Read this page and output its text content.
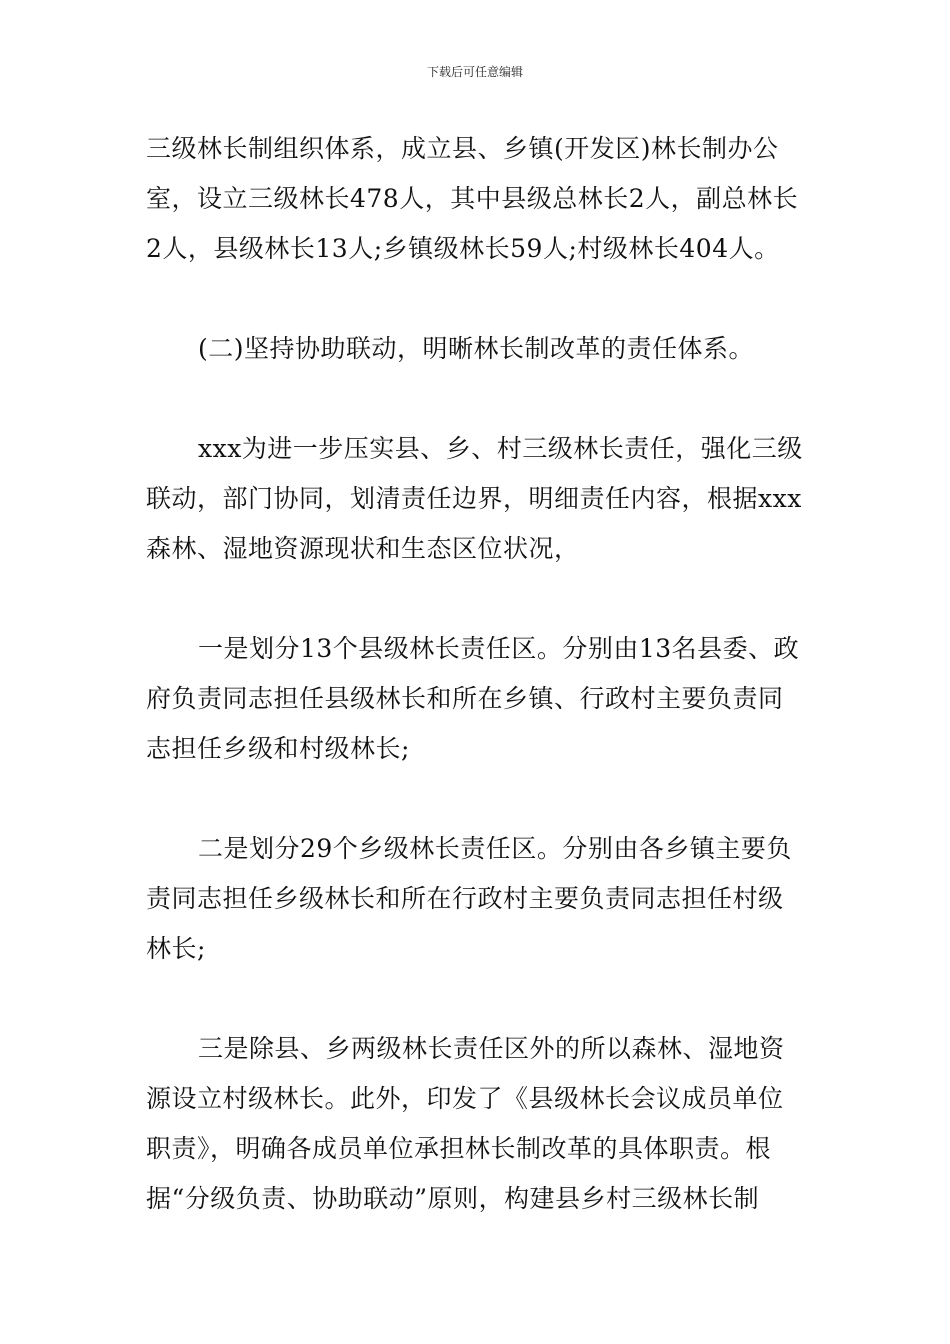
下载后可任意编辑
三级林长制组织体系，成立县、乡镇(开发区)林长制办公
室，设立三级林长478人，其中县级总林长2人，副总林长
2人，县级林长13人;乡镇级林长59人;村级林长404人。
(二)坚持协助联动，明晰林长制改革的责任体系。
xxx为进一步压实县、乡、村三级林长责任，强化三级
联动，部门协同，划清责任边界，明细责任内容，根据xxx
森林、湿地资源现状和生态区位状况，
一是划分13个县级林长责任区。分别由13名县委、政
府负责同志担任县级林长和所在乡镇、行政村主要负责同
志担任乡级和村级林长;
二是划分29个乡级林长责任区。分别由各乡镇主要负
责同志担任乡级林长和所在行政村主要负责同志担任村级
林长;
三是除县、乡两级林长责任区外的所以森林、湿地资
源设立村级林长。此外，印发了《县级林长会议成员单位
职责》，明确各成员单位承担林长制改革的具体职责。根
据“分级负责、协助联动”原则，构建县乡村三级林长制
